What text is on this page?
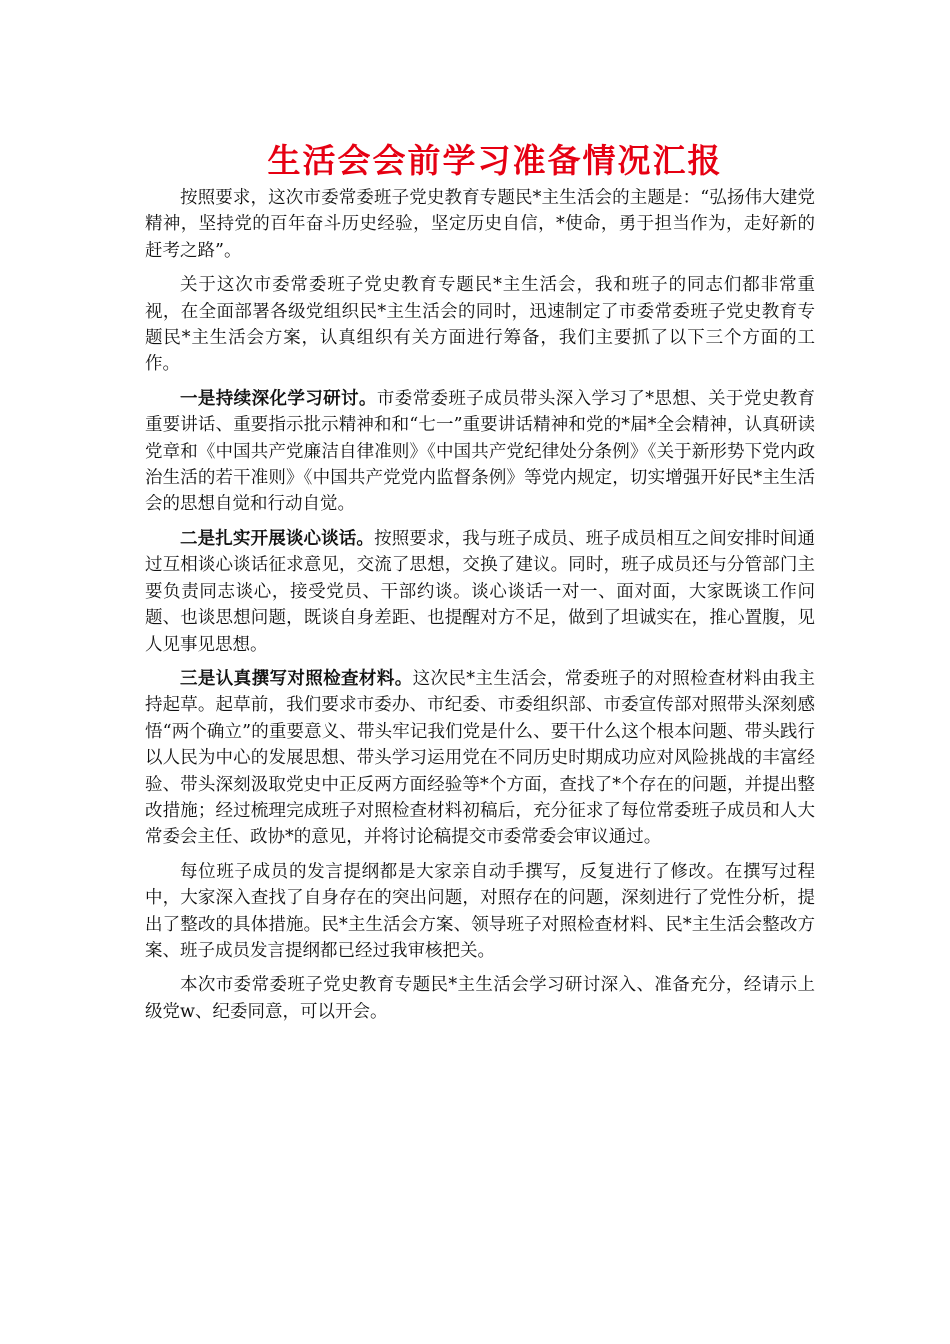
生活会会前学习准备情况汇报

按照要求，这次市委常委班子党史教育专题民*主生活会的主题是：“弘扬伟大建党精神，坚持党的百年奋斗历史经验，坚定历史自信，*使命，勇于担当作为，走好新的赶考之路”。

关于这次市委常委班子党史教育专题民*主生活会，我和班子的同志们都非常重视，在全面部署各级党组织民*主生活会的同时，迅速制定了市委常委班子党史教育专题民*主生活会方案，认真组织有关方面进行筹备，我们主要抓了以下三个方面的工作。

一是持续深化学习研讨。市委常委班子成员带头深入学习了*思想、关于党史教育重要讲话、重要指示批示精神和和“七一”重要讲话精神和党的*届*全会精神，认真研读党章和《中国共产党廉洁自律准则》《中国共产党纪律处分条例》《关于新形势下党内政治生活的若干准则》《中国共产党党内监督条例》等党内规定，切实增强开好民*主生活会的思想自觉和行动自觉。

二是扎实开展谈心谈话。按照要求，我与班子成员、班子成员相互之间安排时间通过互相谈心谈话征求意见，交流了思想，交换了建议。同时，班子成员还与分管部门主要负责同志谈心，接受党员、干部约谈。谈心谈话一对一、面对面，大家既谈工作问题、也谈思想问题，既谈自身差距、也提醒对方不足，做到了坦诚实在，推心置腹，见人见事见思想。

三是认真撰写对照检查材料。这次民*主生活会，常委班子的对照检查材料由我主持起草。起草前，我们要求市委办、市纪委、市委组织部、市委宣传部对照带头深刻感悟“两个确立”的重要意义、带头牢记我们党是什么、要干什么这个根本问题、带头践行以人民为中心的发展思想、带头学习运用党在不同历史时期成功应对风险挑战的丰富经验、带头深刻汲取党史中正反两方面经验等*个方面，查找了*个存在的问题，并提出整改措施；经过梳理完成班子对照检查材料初稿后，充分征求了每位常委班子成员和人大常委会主任、政协*的意见，并将讨论稿提交市委常委会审议通过。

每位班子成员的发言提纲都是大家亲自动手撰写，反复进行了修改。在撰写过程中，大家深入查找了自身存在的突出问题，对照存在的问题，深刻进行了党性分析，提出了整改的具体措施。民*主生活会方案、领导班子对照检查材料、民*主生活会整改方案、班子成员发言提纲都已经过我审核把关。

本次市委常委班子党史教育专题民*主生活会学习研讨深入、准备充分，经请示上级党w、纪委同意，可以开会。
